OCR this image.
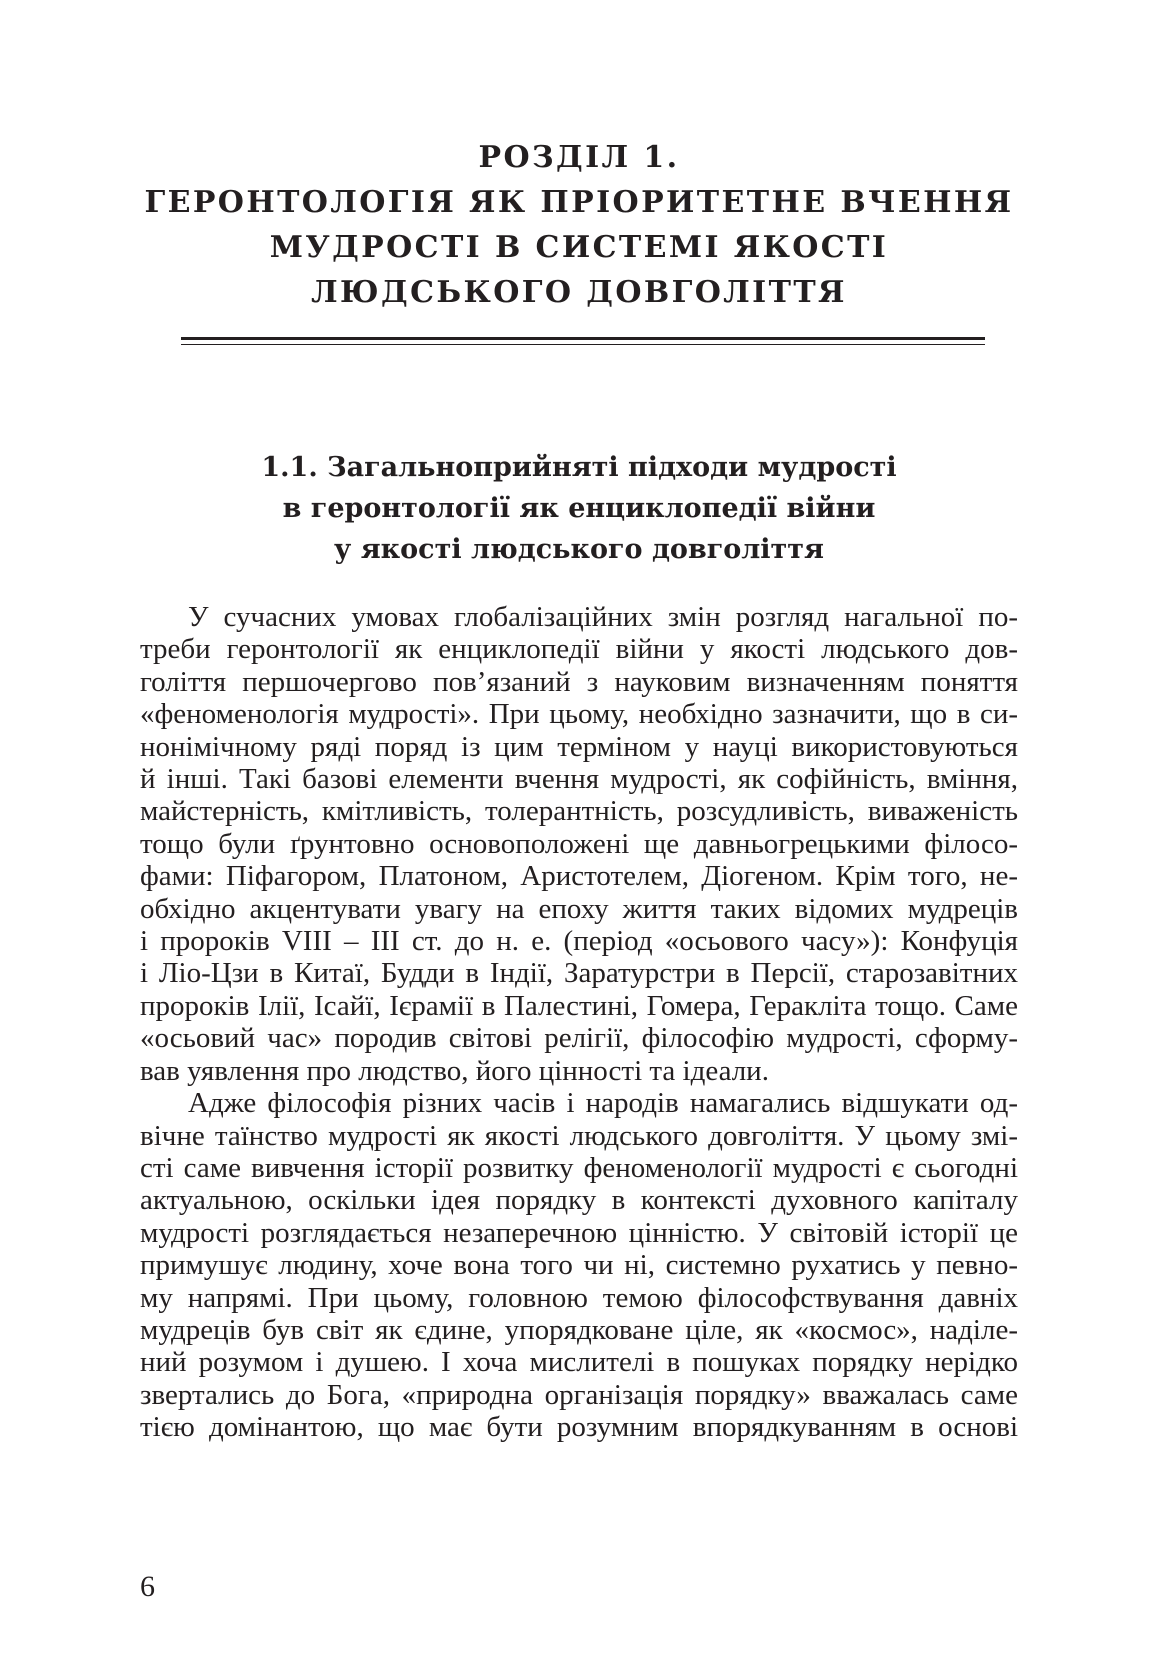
РОЗДІЛ 1.
ГЕРОНТОЛОГІЯ ЯК ПРІОРИТЕТНЕ ВЧЕННЯ
МУДРОСТІ В СИСТЕМІ ЯКОСТІ
ЛЮДСЬКОГО ДОВГОЛІТТЯ
1.1. Загальноприйняті підходи мудрості
в геронтології як енциклопедії війни
у якості людського довголіття
У сучасних умовах глобалізаційних змін розгляд нагальної по-
треби геронтології як енциклопедії війни у якості людського дов-
голіття першочергово пов’язаний з науковим визначенням поняття
«феноменологія мудрості». При цьому, необхідно зазначити, що в си-
нонімічному ряді поряд із цим терміном у науці використовуються
й інші. Такі базові елементи вчення мудрості, як софійність, вміння,
майстерність, кмітливість, толерантність, розсудливість, виваженість
тощо були ґрунтовно основоположені ще давньогрецькими філосо-
фами: Піфагором, Платоном, Аристотелем, Діогеном. Крім того, не-
обхідно акцентувати увагу на епоху життя таких відомих мудреців
і пророків VIII – III ст. до н. е. (період «осьового часу»): Конфуція
і Ліо-Цзи в Китаї, Будди в Індії, Заратурстри в Персії, старозавітних
пророків Ілії, Ісайї, Ієрамії в Палестині, Гомера, Геракліта тощо. Саме
«осьовий час» породив світові релігії, філософію мудрості, сформу-
вав уявлення про людство, його цінності та ідеали.
Адже філософія різних часів і народів намагались відшукати од-
вічне таїнство мудрості як якості людського довголіття. У цьому змі-
сті саме вивчення історії розвитку феноменології мудрості є сьогодні
актуальною, оскільки ідея порядку в контексті духовного капіталу
мудрості розглядається незаперечною цінністю. У світовій історії це
примушує людину, хоче вона того чи ні, системно рухатись у певно-
му напрямі. При цьому, головною темою філософствування давніх
мудреців був світ як єдине, упорядковане ціле, як «космос», наділе-
ний розумом і душею. І хоча мислителі в пошуках порядку нерідко
звертались до Бога, «природна організація порядку» вважалась саме
тією домінантою, що має бути розумним впорядкуванням в основі
6
